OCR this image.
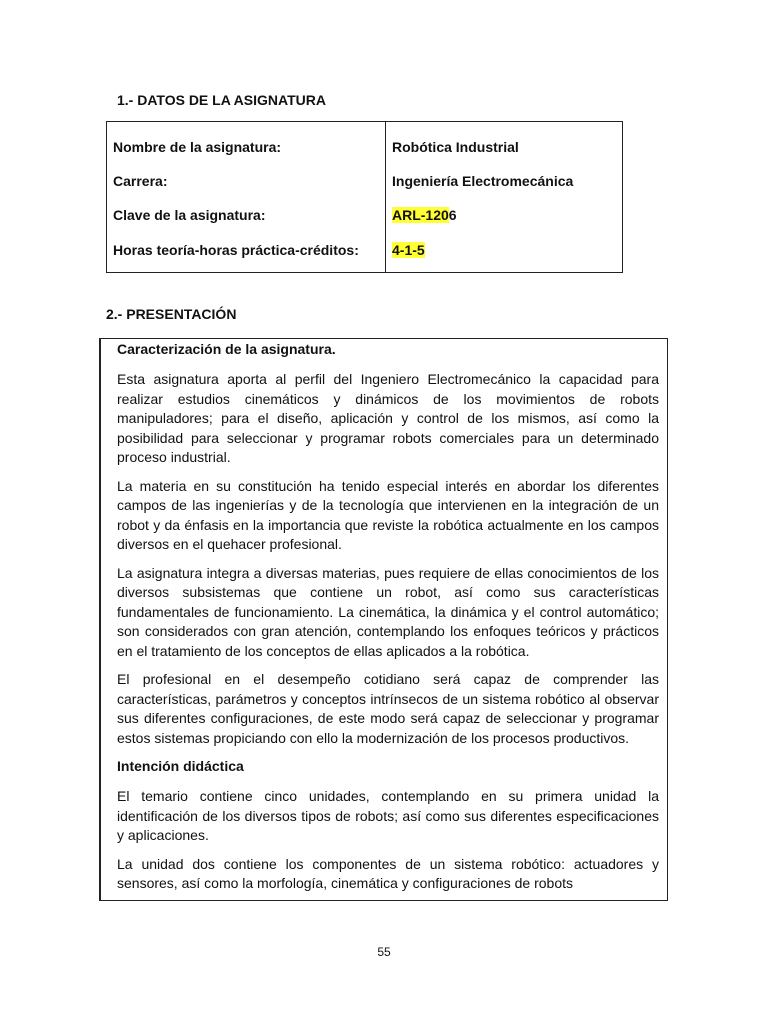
1.- DATOS DE LA ASIGNATURA
Nombre de la asignatura:	Robótica Industrial
Carrera:	Ingeniería Electromecánica
Clave de la asignatura:	ARL-1206
Horas teoría-horas práctica-créditos: 4-1-5
2.- PRESENTACIÓN

Caracterización de la asignatura.

Esta asignatura aporta al perfil del Ingeniero Electromecánico la capacidad para realizar estudios cinemáticos y dinámicos de los movimientos de robots manipuladores; para el diseño, aplicación y control de los mismos, así como la posibilidad para seleccionar y programar robots comerciales para un determinado proceso industrial.

La materia en su constitución ha tenido especial interés en abordar los diferentes campos de las ingenierías y de la tecnología que intervienen en la integración de un robot y da énfasis en la importancia que reviste la robótica actualmente en los campos diversos en el quehacer profesional.

La asignatura integra a diversas materias, pues requiere de ellas conocimientos de los diversos subsistemas que contiene un robot, así como sus características fundamentales de funcionamiento. La cinemática, la dinámica y el control automático; son considerados con gran atención, contemplando los enfoques teóricos y prácticos en el tratamiento de los conceptos de ellas aplicados a la robótica.

El profesional en el desempeño cotidiano será capaz de comprender las características, parámetros y conceptos intrínsecos de un sistema robótico al observar sus diferentes configuraciones, de este modo será capaz de seleccionar y programar estos sistemas propiciando con ello la modernización de los procesos productivos.

Intención didáctica

El temario contiene cinco unidades, contemplando en su primera unidad la identificación de los diversos tipos de robots; así como sus diferentes especificaciones y aplicaciones.

La unidad dos contiene los componentes de un sistema robótico: actuadores y sensores, así como la morfología, cinemática y configuraciones de robots

55
